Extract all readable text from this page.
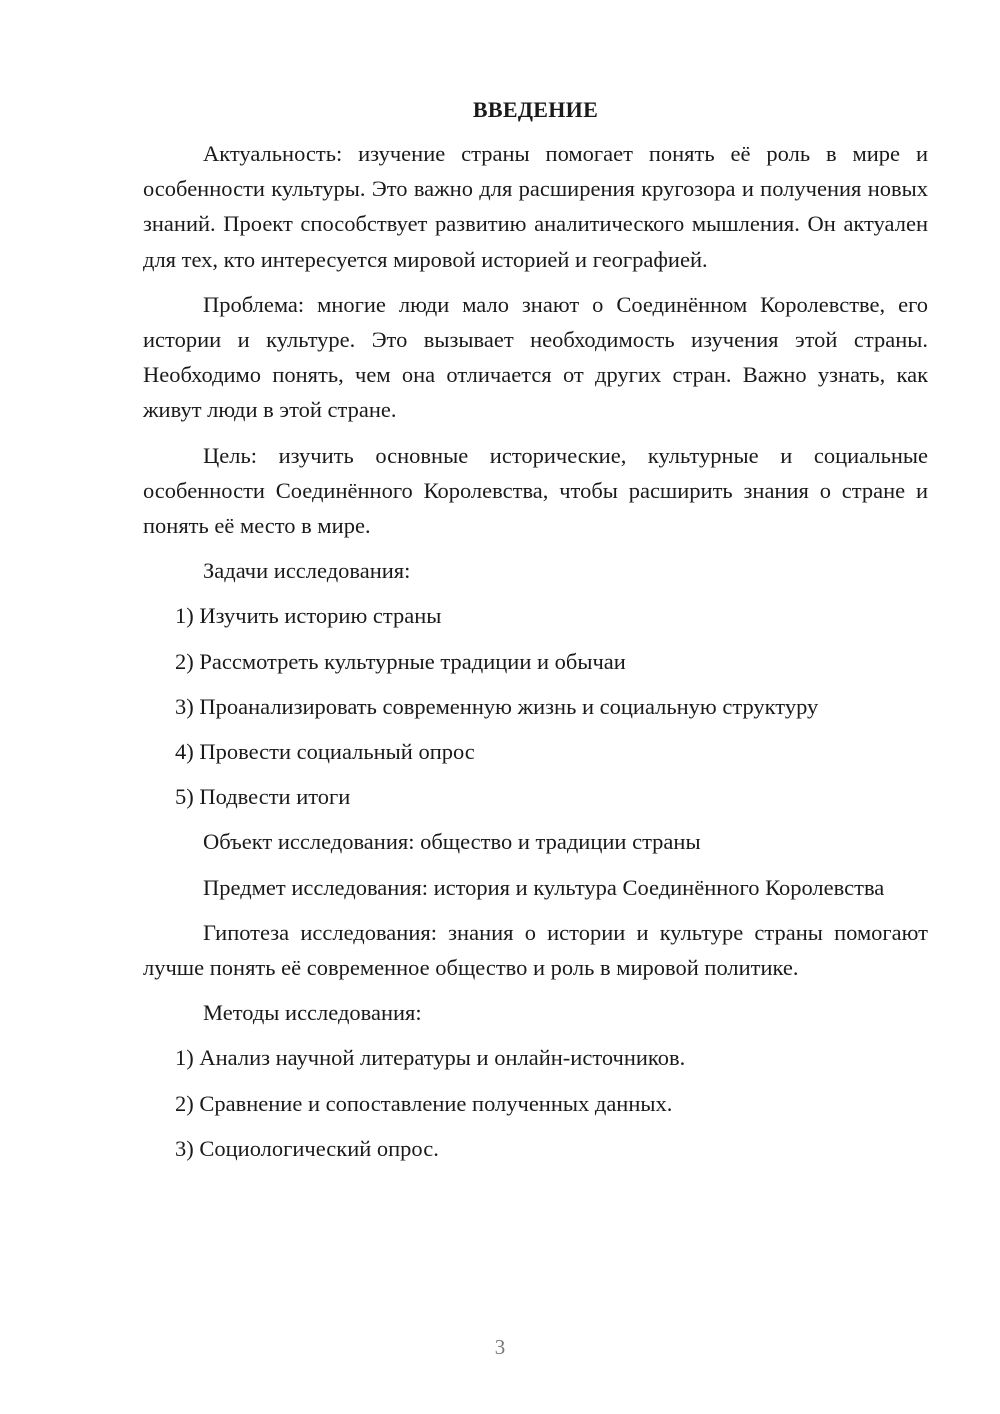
ВВЕДЕНИЕ

Актуальность: изучение страны помогает понять её роль в мире и особенности культуры. Это важно для расширения кругозора и получения новых знаний. Проект способствует развитию аналитического мышления. Он актуален для тех, кто интересуется мировой историей и географией.

Проблема: многие люди мало знают о Соединённом Королевстве, его истории и культуре. Это вызывает необходимость изучения этой страны. Необходимо понять, чем она отличается от других стран. Важно узнать, как живут люди в этой стране.

Цель: изучить основные исторические, культурные и социальные особенности Соединённого Королевства, чтобы расширить знания о стране и понять её место в мире.

Задачи исследования:
1) Изучить историю страны
2) Рассмотреть культурные традиции и обычаи
3) Проанализировать современную жизнь и социальную структуру
4) Провести социальный опрос
5) Подвести итоги
Объект исследования: общество и традиции страны

Предмет исследования: история и культура Соединённого Королевства

Гипотеза исследования: знания о истории и культуре страны помогают лучше понять её современное общество и роль в мировой политике.

Методы исследования:
1) Анализ научной литературы и онлайн-источников.
2) Сравнение и сопоставление полученных данных.
3) Социологический опрос.
3
